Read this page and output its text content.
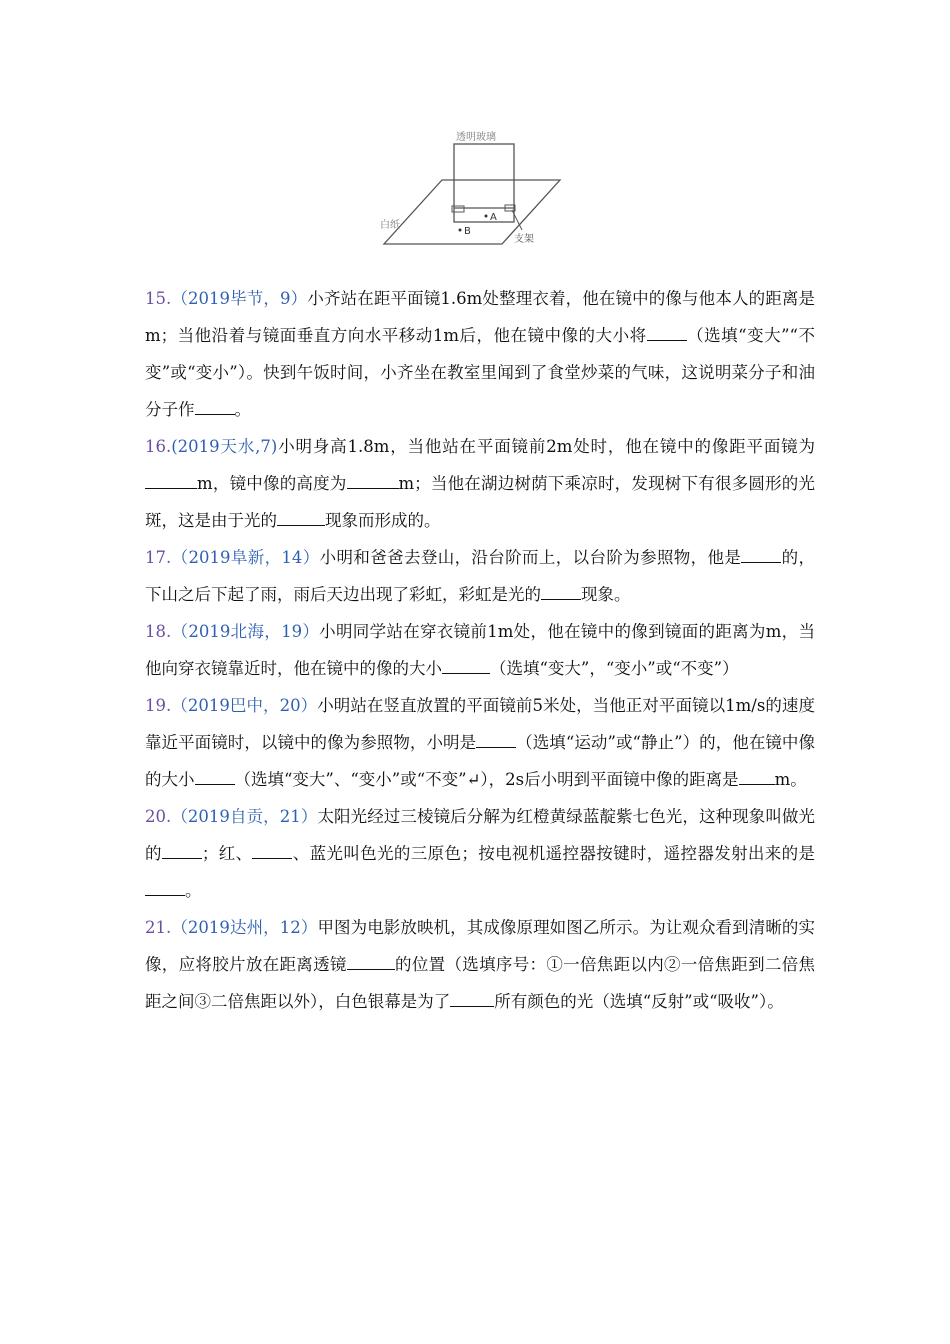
透明玻璃
支架
A
B
白纸
15.（2019毕节，9）小齐站在距平面镜1.6m处整理衣着，他在镜中的像与他本人的距离是m；当他沿着与镜面垂直方向水平移动1m后，他在镜中像的大小将 （选填“变大”“不变”或“变小”）。快到午饭时间，小齐坐在教室里闻到了食堂炒菜的气味，这说明菜分子和油分子作 。
16.(2019天水,7)小明身高1.8m，当他站在平面镜前2m处时，他在镜中的像距平面镜为m，镜中像的高度为	m；当他在湖边树荫下乘凉时，发现树下有很多圆形的光斑，这是由于光的	现象而形成的。
17.（2019阜新，14）小明和爸爸去登山，沿台阶而上，以台阶为参照物，他是 的，下山之后下起了雨，雨后天边出现了彩虹，彩虹是光的 现象。
18.（2019北海，19）小明同学站在穿衣镜前1m处，他在镜中的像到镜面的距离为m，当他向穿衣镜靠近时，他在镜中的像的大小	（选填“变大”，“变小”或“不变”）
19.（2019巴中，20）小明站在竖直放置的平面镜前5米处，当他正对平面镜以1m/s的速度靠近平面镜时，以镜中的像为参照物，小明是 （选填“运动”或“静止”）的，他在镜中像的大小 （选填“变大”、“变小”或“不变”↵），2s后小明到平面镜中像的距离是 m。
20.（2019自贡，21）太阳光经过三棱镜后分解为红橙黄绿蓝靛紫七色光，这种现象叫做光的 ；红、 、蓝光叫色光的三原色；按电视机遥控器按键时，遥控器发射出来的是。
21.（2019达州，12）甲图为电影放映机，其成像原理如图乙所示。为让观众看到清晰的实像，应将胶片放在距离透镜	的位置（选填序号：①一倍焦距以内②一倍焦距到二倍焦距之间③二倍焦距以外），白色银幕是为了	所有颜色的光（选填“反射”或“吸收”）。
